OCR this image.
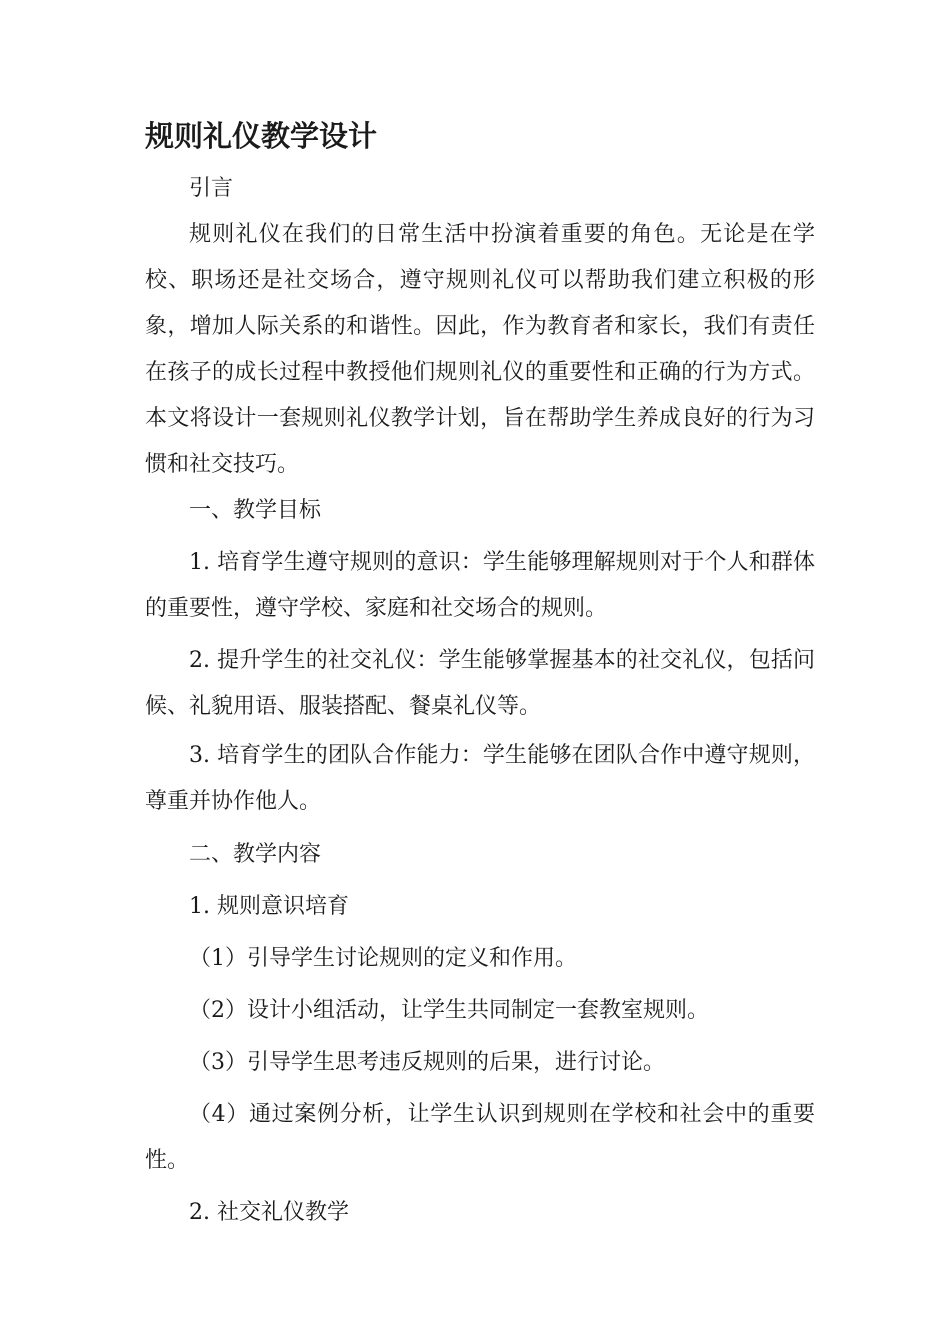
规则礼仪教学设计

引言

规则礼仪在我们的日常生活中扮演着重要的角色。无论是在学校、职场还是社交场合，遵守规则礼仪可以帮助我们建立积极的形象，增加人际关系的和谐性。因此，作为教育者和家长，我们有责任在孩子的成长过程中教授他们规则礼仪的重要性和正确的行为方式。本文将设计一套规则礼仪教学计划，旨在帮助学生养成良好的行为习惯和社交技巧。

一、教学目标

1. 培育学生遵守规则的意识：学生能够理解规则对于个人和群体的重要性，遵守学校、家庭和社交场合的规则。

2. 提升学生的社交礼仪：学生能够掌握基本的社交礼仪，包括问候、礼貌用语、服装搭配、餐桌礼仪等。

3. 培育学生的团队合作能力：学生能够在团队合作中遵守规则，尊重并协作他人。

二、教学内容

1. 规则意识培育

（1）引导学生讨论规则的定义和作用。

（2）设计小组活动，让学生共同制定一套教室规则。

（3）引导学生思考违反规则的后果，进行讨论。

（4）通过案例分析，让学生认识到规则在学校和社会中的重要性。

2. 社交礼仪教学
